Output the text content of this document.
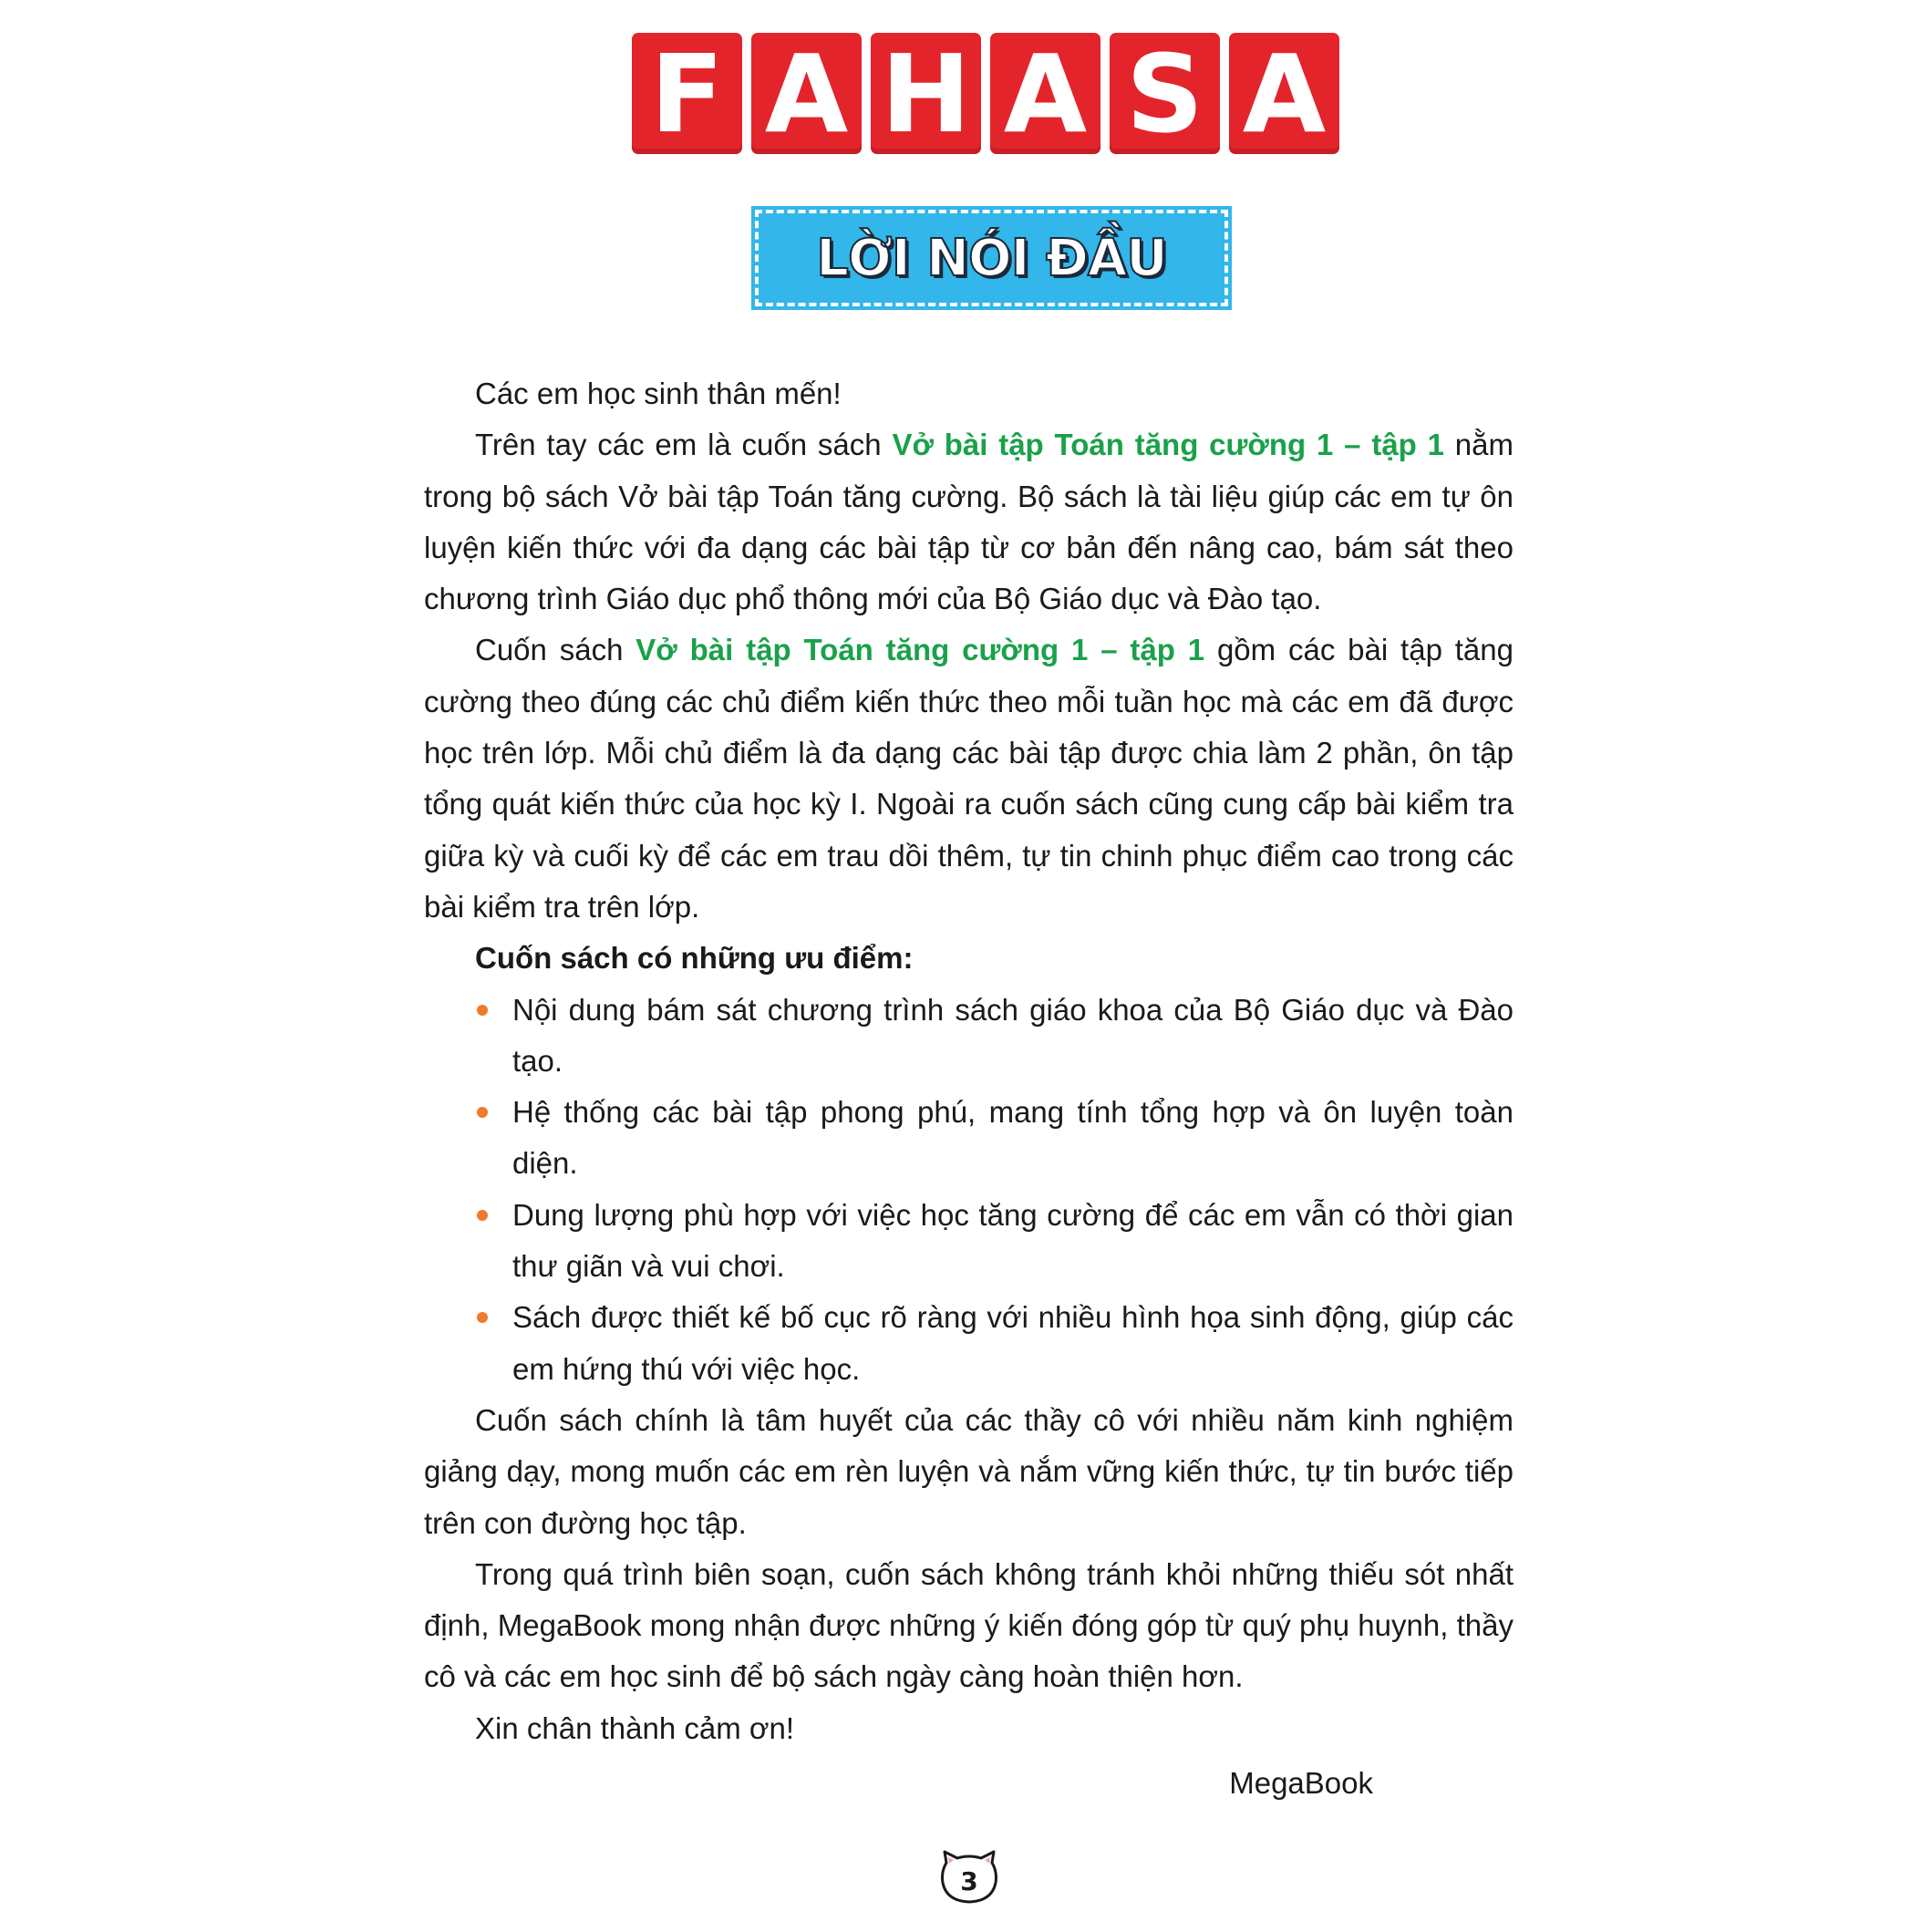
F A H A S A
LỜI NÓI ĐẦU

Các em học sinh thân mến!

Trên tay các em là cuốn sách Vở bài tập Toán tăng cường 1 – tập 1 nằm trong bộ sách Vở bài tập Toán tăng cường. Bộ sách là tài liệu giúp các em tự ôn luyện kiến thức với đa dạng các bài tập từ cơ bản đến nâng cao, bám sát theo chương trình Giáo dục phổ thông mới của Bộ Giáo dục và Đào tạo.

Cuốn sách Vở bài tập Toán tăng cường 1 – tập 1 gồm các bài tập tăng cường theo đúng các chủ điểm kiến thức theo mỗi tuần học mà các em đã được học trên lớp. Mỗi chủ điểm là đa dạng các bài tập được chia làm 2 phần, ôn tập tổng quát kiến thức của học kỳ I. Ngoài ra cuốn sách cũng cung cấp bài kiểm tra giữa kỳ và cuối kỳ để các em trau dồi thêm, tự tin chinh phục điểm cao trong các bài kiểm tra trên lớp.

Cuốn sách có những ưu điểm:

Nội dung bám sát chương trình sách giáo khoa của Bộ Giáo dục và Đào tạo.
Hệ thống các bài tập phong phú, mang tính tổng hợp và ôn luyện toàn diện.
Dung lượng phù hợp với việc học tăng cường để các em vẫn có thời gian thư giãn và vui chơi.
Sách được thiết kế bố cục rõ ràng với nhiều hình họa sinh động, giúp các em hứng thú với việc học.

Cuốn sách chính là tâm huyết của các thầy cô với nhiều năm kinh nghiệm giảng dạy, mong muốn các em rèn luyện và nắm vững kiến thức, tự tin bước tiếp trên con đường học tập.

Trong quá trình biên soạn, cuốn sách không tránh khỏi những thiếu sót nhất định, MegaBook mong nhận được những ý kiến đóng góp từ quý phụ huynh, thầy cô và các em học sinh để bộ sách ngày càng hoàn thiện hơn.

Xin chân thành cảm ơn!

MegaBook

3
